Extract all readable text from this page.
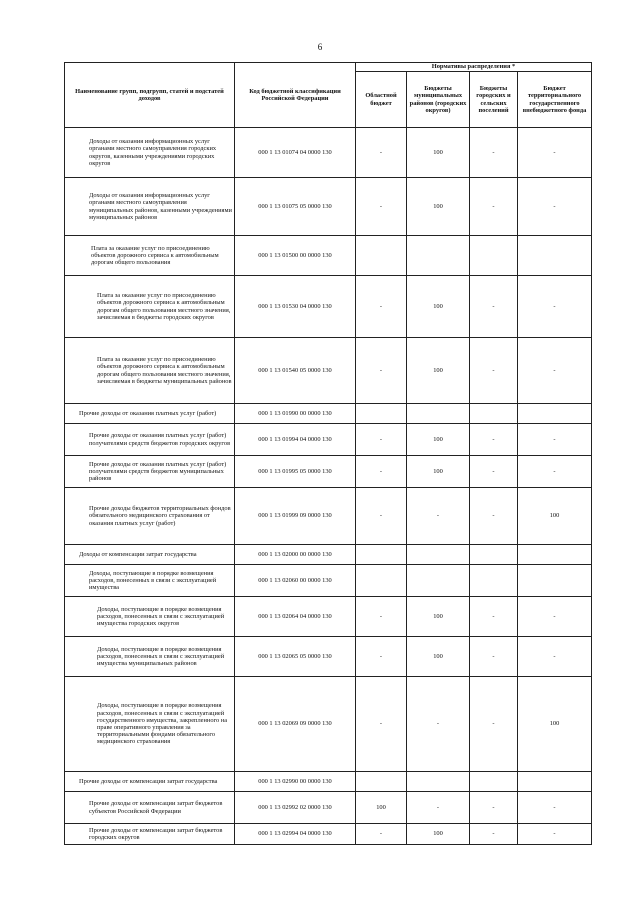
6
Наименование групп, подгрупп, статей и подстатей доходов	Код бюджетной классификации Российской Федерации	Нормативы распределения *			
		Областной бюджет	Бюджеты муниципальных районов (городских округов)	Бюджеты городских и сельских поселений	Бюджет территориального государственного внебюджетного фонда
Доходы от оказания информационных услуг органами местного самоуправления городских округов, казенными учреждениями городских округов	000 1 13 01074 04 0000 130	-	100	-	-
Доходы от оказания информационных услуг органами местного самоуправления муниципальных районов, казенными учреждениями муниципальных районов	000 1 13 01075 05 0000 130	-	100	-	-
Плата за оказание услуг по присоединению объектов дорожного сервиса к автомобильным дорогам общего пользования	000 1 13 01500 00 0000 130				
Плата за оказание услуг по присоединению объектов дорожного сервиса к автомобильным дорогам общего пользования местного значения, зачисляемая в бюджеты городских округов	000 1 13 01530 04 0000 130	-	100	-	-
Плата за оказание услуг по присоединению объектов дорожного сервиса к автомобильным дорогам общего пользования местного значения, зачисляемая в бюджеты муниципальных районов	000 1 13 01540 05 0000 130	-	100	-	-
Прочие доходы от оказания платных услуг (работ)	000 1 13 01990 00 0000 130				
Прочие доходы от оказания платных услуг (работ) получателями средств бюджетов городских округов	000 1 13 01994 04 0000 130	-	100	-	-
Прочие доходы от оказания платных услуг (работ) получателями средств бюджетов муниципальных районов	000 1 13 01995 05 0000 130	-	100	-	-
Прочие доходы бюджетов территориальных фондов обязательного медицинского страхования от оказания платных услуг (работ)	000 1 13 01999 09 0000 130	-	-	-	100
Доходы от компенсации затрат государства	000 1 13 02000 00 0000 130				
Доходы, поступающие в порядке возмещения расходов, понесенных в связи с эксплуатацией имущества	000 1 13 02060 00 0000 130				
Доходы, поступающие в порядке возмещения расходов, понесенных в связи с эксплуатацией имущества городских округов	000 1 13 02064 04 0000 130	-	100	-	-
Доходы, поступающие в порядке возмещения расходов, понесенных в связи с эксплуатацией имущества муниципальных районов	000 1 13 02065 05 0000 130	-	100	-	-
Доходы, поступающие в порядке возмещения расходов, понесенных в связи с эксплуатацией государственного имущества, закрепленного на праве оперативного управления за территориальными фондами обязательного медицинского страхования	000 1 13 02069 09 0000 130	-	-	-	100
Прочие доходы от компенсации затрат государства	000 1 13 02990 00 0000 130				
Прочие доходы от компенсации затрат бюджетов субъектов Российской Федерации	000 1 13 02992 02 0000 130	100	-	-	-
Прочие доходы от компенсации затрат бюджетов городских округов	000 1 13 02994 04 0000 130	-	100	-	-
